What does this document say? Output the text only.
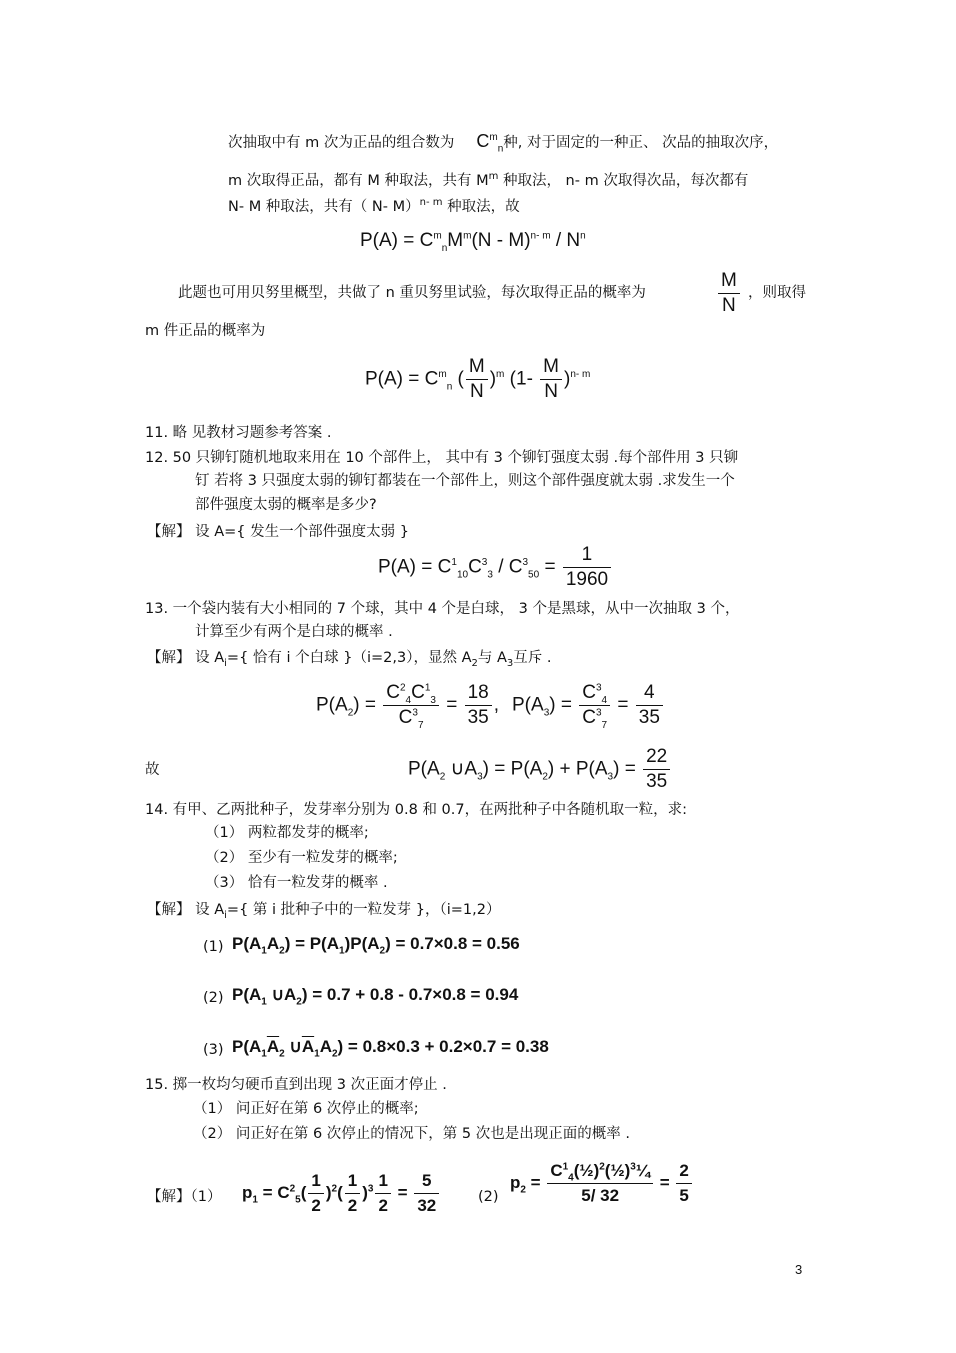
次抽取中有 m 次为正品的组合数为 $C^m_n$种, 对于固定的一种正、 次品的抽取次序，
m 次取得正品，都有 M 种取法，共有 $M^m$ 种取法， n- m 次取得次品，每次都有
N- M 种取法，共有（ N- M）$^{n- m}$ 种取法，故
$P(A) = C^m_nM^m(N - M)^{n- m} / N^n$
此题也可用贝努里概型，共做了 n 重贝努里试验，每次取得正品的概率为	$\frac{M}{N}$ ，则取得
m 件正品的概率为
$P(A) = C^m_n$ ( $\frac{M}{N} )^m$ $(1- \frac{M}{N} )^{n- m}$
11. 略 见教材习题参考答案 .
12. 50 只铆钉随机地取来用在 10 个部件上， 其中有 3 个铆钉强度太弱 .每个部件用 3 只铆
钉 若将 3 只强度太弱的铆钉都装在一个部件上，则这个部件强度就太弱 .求发生一个
部件强度太弱的概率是多少?
【解】 设 A={ 发生一个部件强度太弱 }
$P(A) = C^1_{10}C^3_3 / C^3_{50} = \frac{1}{1960}$
13. 一个袋内装有大小相同的 7 个球，其中 4 个是白球， 3 个是黑球，从中一次抽取 3 个，
计算至少有两个是白球的概率 .
【解】 设 $A_i=${ 恰有 i 个白球 }（i=2,3），显然 $A_2$与 $A_3$互斥 .
$P(A_2) = \frac{C^2_4C^1_3}{C^3_7} = \frac{18}{35}$ , $P(A_3) = \frac{C^3_4}{C^3_7} = \frac{4}{35}$
故	$P(A_2$ $\cup A_3) = P(A_2) + P(A_3) = \frac{22}{35}$
14. 有甲、乙两批种子，发芽率分别为 0.8 和 0.7，在两批种子中各随机取一粒，求:
（1） 两粒都发芽的概率;
（2） 至少有一粒发芽的概率;
（3） 恰有一粒发芽的概率 .
【解】 设 $A_i=${ 第 i 批种子中的一粒发芽 }，（i=1,2）
(1) $P(A_1A_2) = P(A_1)P(A_2) = 0.7\times 0.8 = 0.56$
(2) $P(A_1$ $\cup A_2) = 0.7 + 0.8 - 0.7\times 0.8 = 0.94$
(3) $P(A_1\overline{A}_2$ $\cup\overline{A}_1A_2) = 0.8\times 0.3 + 0.2\times 0.7 = 0.38$
15. 掷一枚均匀硬币直到出现 3 次正面才停止 .
（1） 问正好在第 6 次停止的概率;
（2） 问正好在第 6 次停止的情况下，第 5 次也是出现正面的概率 .
【解】（1） $p_1 = C^2_5( \frac{1}{2} )^2( \frac{1}{2} )^3 \frac{1}{2} = \frac{5}{32}$	(2)
$p_2 = \frac{C^1_4(\frac{1}{2})^2(\frac{1}{2})^3\frac{1}{4}}{5/ 32} = \frac{2}{5}$
3
